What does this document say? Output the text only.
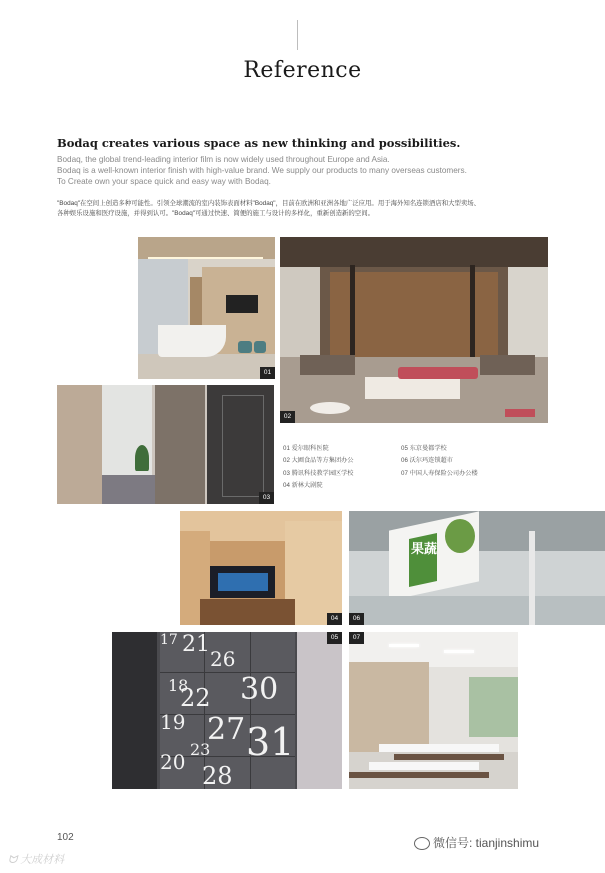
Reference
Bodaq creates various space as new thinking and possibilities.
Bodaq, the global trend-leading interior film is now widely used throughout Europe and Asia.
Bodaq is a well-known interior finish with high-value brand. We supply our products to many overseas customers.
To Create own your space quick and easy way with Bodaq.
"Bodaq"在空间上创造多种可能性。引领全球潮流的室内装饰表面材料"Bodaq"，目前在欧洲和亚洲各地广泛应用。用于海外知名连锁酒店和大型卖场、
各种娱乐设施和医疗设施，并得到认可。"Bodaq"可通过快速、简便的施工与设计的多样化，重新创造新的空间。
01
02
03
01 爱尔眼科医院
02 大圃食品等方集团办公
03 腾讯科技教学园区学校
04 新林大剧院
05 东京曼都学校
06 沃尔玛连锁超市
07 中国人寿保险公司办公楼
04
果蔬
06
21
26
18
22 30
19 27
23 31
20 28
17	05	07
102	微信号: tianjinshimu
ᗢ 大成材料
